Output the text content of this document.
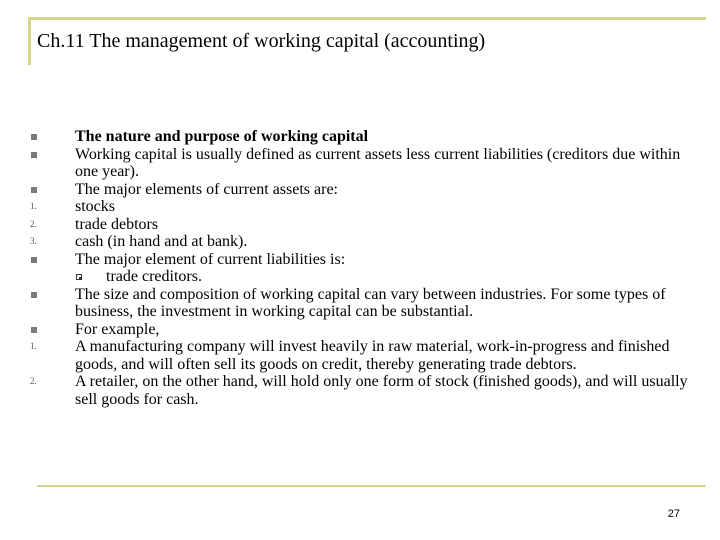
Ch.11 The management of working capital (accounting)
The nature and purpose of working capital
Working capital is usually defined as current assets less current liabilities (creditors due within one year).
The major elements of current assets are:
1. stocks
2. trade debtors
3. cash (in hand and at bank).
The major element of current liabilities is:
trade creditors.
The size and composition of working capital can vary between industries. For some types of business, the investment in working capital can be substantial.
For example,
1. A manufacturing company will invest heavily in raw material, work-in-progress and finished goods, and will often sell its goods on credit, thereby generating trade debtors.
2. A retailer, on the other hand, will hold only one form of stock (finished goods), and will usually sell goods for cash.
27
